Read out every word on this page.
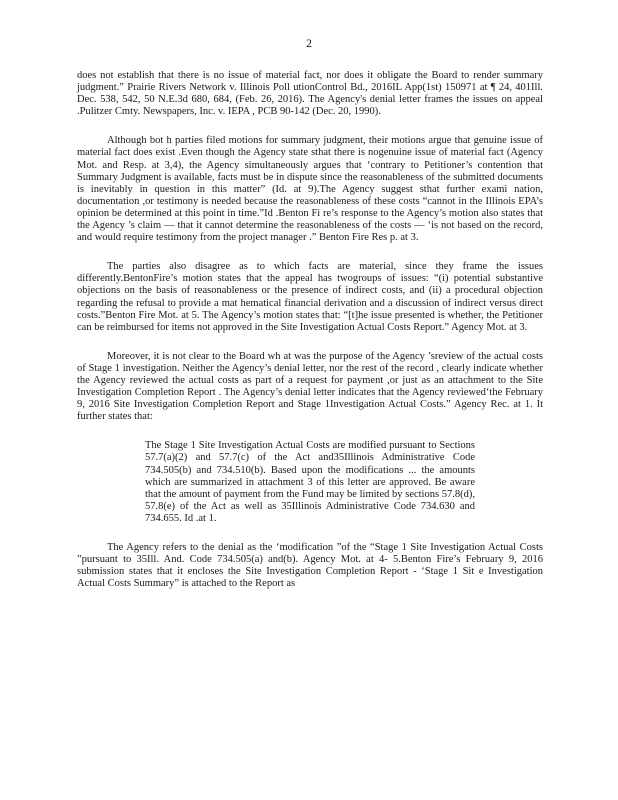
2

does not establish that there is no issue of material fact, nor does it obligate the Board to render summary judgment.” Prairie Rivers Network v. Illinois Poll utionControl Bd., 2016IL App(1st) 150971 at ¶ 24, 401Ill. Dec. 538, 542, 50 N.E.3d 680, 684, (Feb. 26, 2016). The Agency's denial letter frames the issues on appeal .Pulitzer Cmty. Newspapers, Inc. v. IEPA , PCB 90-142 (Dec. 20, 1990).

Although bot h parties filed motions for summary judgment, their motions argue that genuine issue of material fact does exist .Even though the Agency state sthat there is nogenuine issue of material fact (Agency Mot. and Resp. at 3,4), the Agency simultaneously argues that ‘contrary to Petitioner’s contention that Summary Judgment is available, facts must be in dispute since the reasonableness of the submitted documents is inevitably in question in this matter” (Id. at 9).The Agency suggest sthat further exami nation, documentation ,or testimony is needed because the reasonableness of these costs “cannot in the Illinois EPA’s opinion be determined at this point in time.”Id .Benton Fi re’s response to the Agency’s motion also states that the Agency ’s claim — that it cannot determine the reasonableness of the costs — ‘is not based on the record, and would require testimony from the project manager .” Benton Fire Res p. at 3.

The parties also disagree as to which facts are material, since they frame the issues differently.BentonFire’s motion states that the appeal has twogroups of issues: “(i) potential substantive objections on the basis of reasonableness or the presence of indirect costs, and (ii) a procedural objection regarding the refusal to provide a mat hematical financial derivation and a discussion of indirect versus direct costs.”Benton Fire Mot. at 5. The Agency’s motion states that: “[t]he issue presented is whether, the Petitioner can be reimbursed for items not approved in the Site Investigation Actual Costs Report.” Agency Mot. at 3.

Moreover, it is not clear to the Board wh at was the purpose of the Agency ’sreview of the actual costs of Stage 1 investigation. Neither the Agency’s denial letter, nor the rest of the record , clearly indicate whether the Agency reviewed the actual costs as part of a request for payment ,or just as an attachment to the Site Investigation Completion Report . The Agency’s denial letter indicates that the Agency reviewed‘the February 9, 2016 Site Investigation Completion Report and Stage 1Investigation Actual Costs.” Agency Rec. at 1. It further states that:

The Stage 1 Site Investigation Actual Costs are modified pursuant to Sections 57.7(a)(2) and 57.7(c) of the Act and35Illinois Administrative Code 734.505(b) and 734.510(b). Based upon the modifications ... the amounts which are summarized in attachment 3 of this letter are approved. Be aware that the amount of payment from the Fund may be limited by sections 57.8(d), 57.8(e) of the Act as well as 35Illinois Administrative Code 734.630 and 734.655. Id .at 1.

The Agency refers to the denial as the ‘modification ”of the “Stage 1 Site Investigation Actual Costs ”pursuant to 35Ill. And. Code 734.505(a) and(b). Agency Mot. at 4- 5.Benton Fire’s February 9, 2016 submission states that it encloses the Site Investigation Completion Report - ‘Stage 1 Sit e Investigation Actual Costs Summary” is attached to the Report as
